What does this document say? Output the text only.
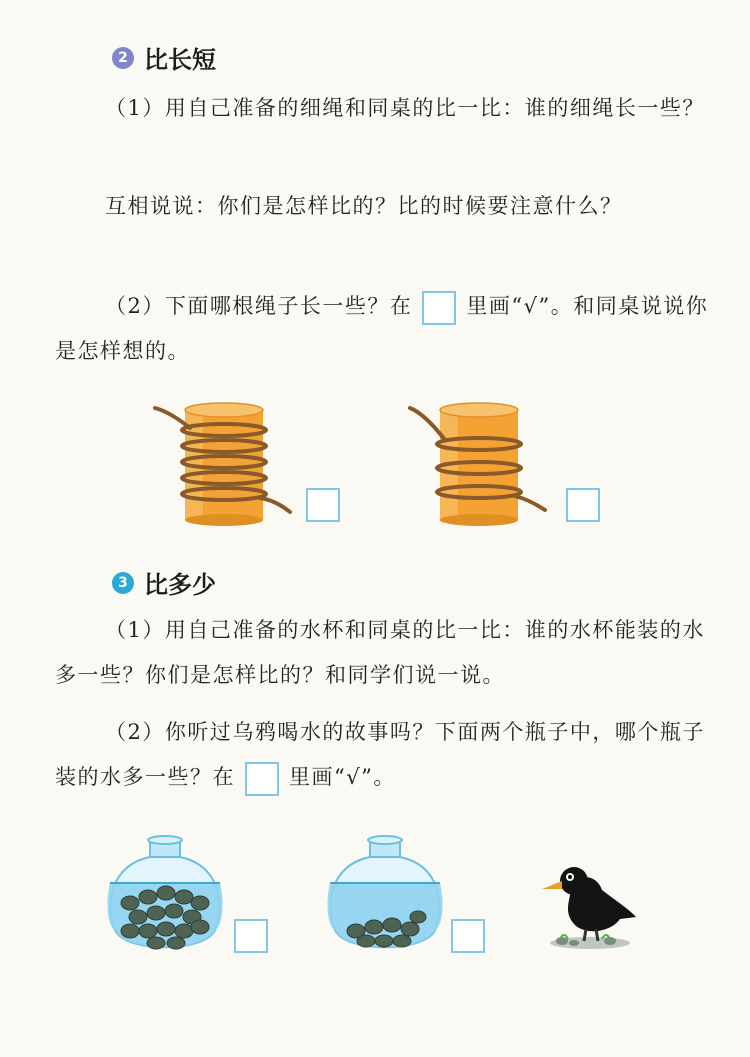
2 比长短

（1）用自己准备的细绳和同桌的比一比：谁的细绳长一些？

互相说说：你们是怎样比的？比的时候要注意什么？

（2）下面哪根绳子长一些？在	里画“√”。和同桌说说你是怎样想的。

3 比多少

（1）用自己准备的水杯和同桌的比一比：谁的水杯能装的水多一些？你们是怎样比的？和同学们说一说。

（2）你听过乌鸦喝水的故事吗？下面两个瓶子中，哪个瓶子装的水多一些？在	里画“√”。
